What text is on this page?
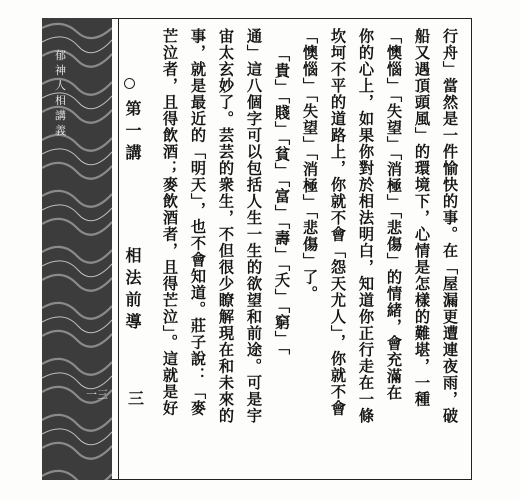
郁神人相講義
一三
第一講
相法前導
三	行舟」當然是一件愉快的事。在「屋漏更遭連夜雨，破
船又遇頂頭風」的環境下，心情是怎樣的難堪，一種
「懊惱」「失望」「消極」「悲傷」的情緒，會充滿在
你的心上，如果你對於相法明白，知道你正行走在一條
坎坷不平的道路上，你就不會「怨天尤人」，你就不會
「懊惱」「失望」「消極」「悲傷」了。
「貴」「賤」「貧」「富」「壽」「夭」「窮」「
通」這八個字可以包括人生一生的欲望和前途。可是宇
宙太玄妙了。芸芸的衆生，不但很少瞭解現在和未來的
事，就是最近的「明天」，也不會知道。莊子說：「麥
芒泣者，且得飲酒；麥飲酒者，且得芒泣」。這就是好
